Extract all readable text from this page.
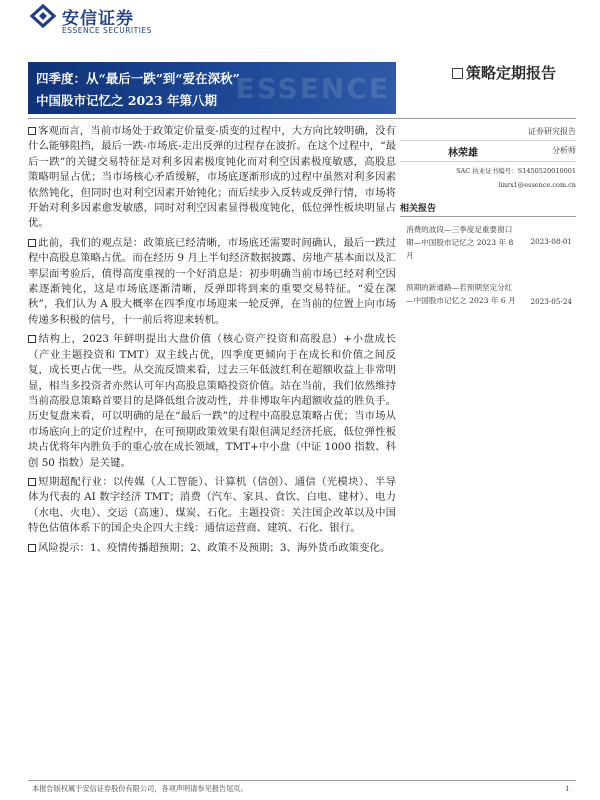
安信证券
ESSENCE SECURITIES
ESSENCE
四季度：从“最后一跌”到“爱在深秋”
中国股市记忆之 2023 年第八期
策略定期报告

客观而言，当前市场处于政策定价量变-质变的过程中，大方向比较明确，没有什么能够阻挡，最后一跌-市场底-走出反弹的过程存在波折。在这个过程中，“最后一跌”的关键交易特征是对利多因素极度钝化而对利空因素极度敏感，高股息策略明显占优；当市场核心矛盾缓解，市场底逐渐形成的过程中虽然对利多因素依然钝化，但同时也对利空因素开始钝化；而后续步入反转或反弹行情，市场将开始对利多因素愈发敏感，同时对利空因素显得极度钝化，低位弹性板块明显占优。

此前，我们的观点是：政策底已经清晰，市场底还需要时间确认，最后一跌过程中高股息策略占优。而在经历 9 月上半旬经济数据披露、房地产基本面以及汇率层面考验后，值得高度重视的一个好消息是：初步明确当前市场已经对利空因素逐渐钝化，这是市场底逐渐清晰，反弹即将到来的重要交易特征。“爱在深秋”，我们认为 A 股大概率在四季度市场迎来一轮反弹，在当前的位置上向市场传递多积极的信号，十一前后将迎来转机。

结构上，2023 年鲜明提出大盘价值（核心资产投资和高股息）+小盘成长（产业主题投资和 TMT）双主线占优，四季度更倾向于在成长和价值之间反复，成长更占优一些。从交流反馈来看，过去三年低波红利在超额收益上非常明显，相当多投资者亦然认可年内高股息策略投资价值。站在当前，我们依然维持当前高股息策略首要目的是降低组合波动性，并非博取年内超额收益的胜负手。历史复盘来看，可以明确的是在“最后一跌”的过程中高股息策略占优；当市场从市场底向上的定价过程中，在可预期政策效果有限但满足经济托底，低位弹性板块占优将年内胜负手的重心放在成长领域，TMT+中小盘（中证 1000 指数、科创 50 指数）是关键。

短期超配行业：以传媒（人工智能）、计算机（信创）、通信（光模块）、半导体为代表的 AI 数字经济 TMT；消费（汽车、家具、食饮、白电、建材）、电力（水电、火电）、交运（高速）、煤炭、石化。主题投资：关注国企改革以及中国特色估值体系下的国企央企四大主线：通信运营商、建筑、石化、银行。

风险提示：1、疫情传播超预期；2、政策不及预期；3、海外货币政策变化。

证券研究报告
林荣雄	分析师
SAC 执业证书编号：S1450520010001
linrx1@essence.com.cn
相关报告
消费的波段—三季度足重要窗口期—中国股市记忆之 2023 年 8 月
2023-08-01
预期的新通路—若预期坚定分红—中国股市记忆之 2023 年 6 月 2023-05-24
本报告版权属于安信证券股份有限公司，各项声明请参见报告尾页。	1
